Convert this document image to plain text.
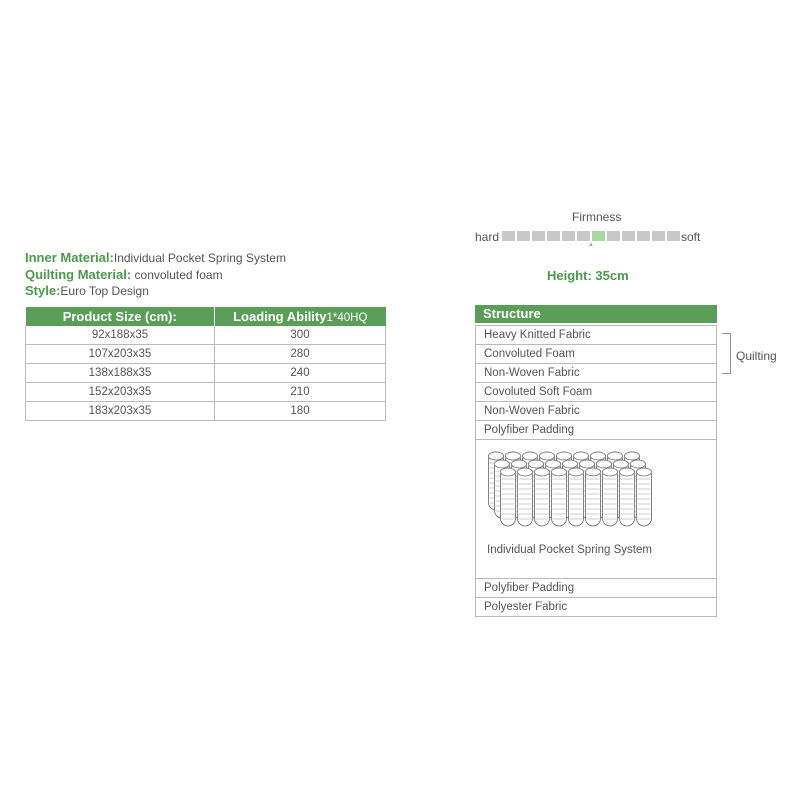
Inner Material:Individual Pocket Spring System
Quilting Material: convoluted foam
Style:Euro Top Design
Product Size (cm):	Loading Ability1*40HQ
92x188x35	300
107x203x35	280
138x188x35	240
152x203x35	210
183x203x35	180
Firmness
hard	soft
▲
Height: 35cm
Structure
Heavy Knitted Fabric
Convoluted Foam
Non-Woven Fabric
Covoluted Soft Foam
Non-Woven Fabric
Polyfiber Padding
Individual Pocket Spring System
Polyfiber Padding
Polyester Fabric
Quilting
